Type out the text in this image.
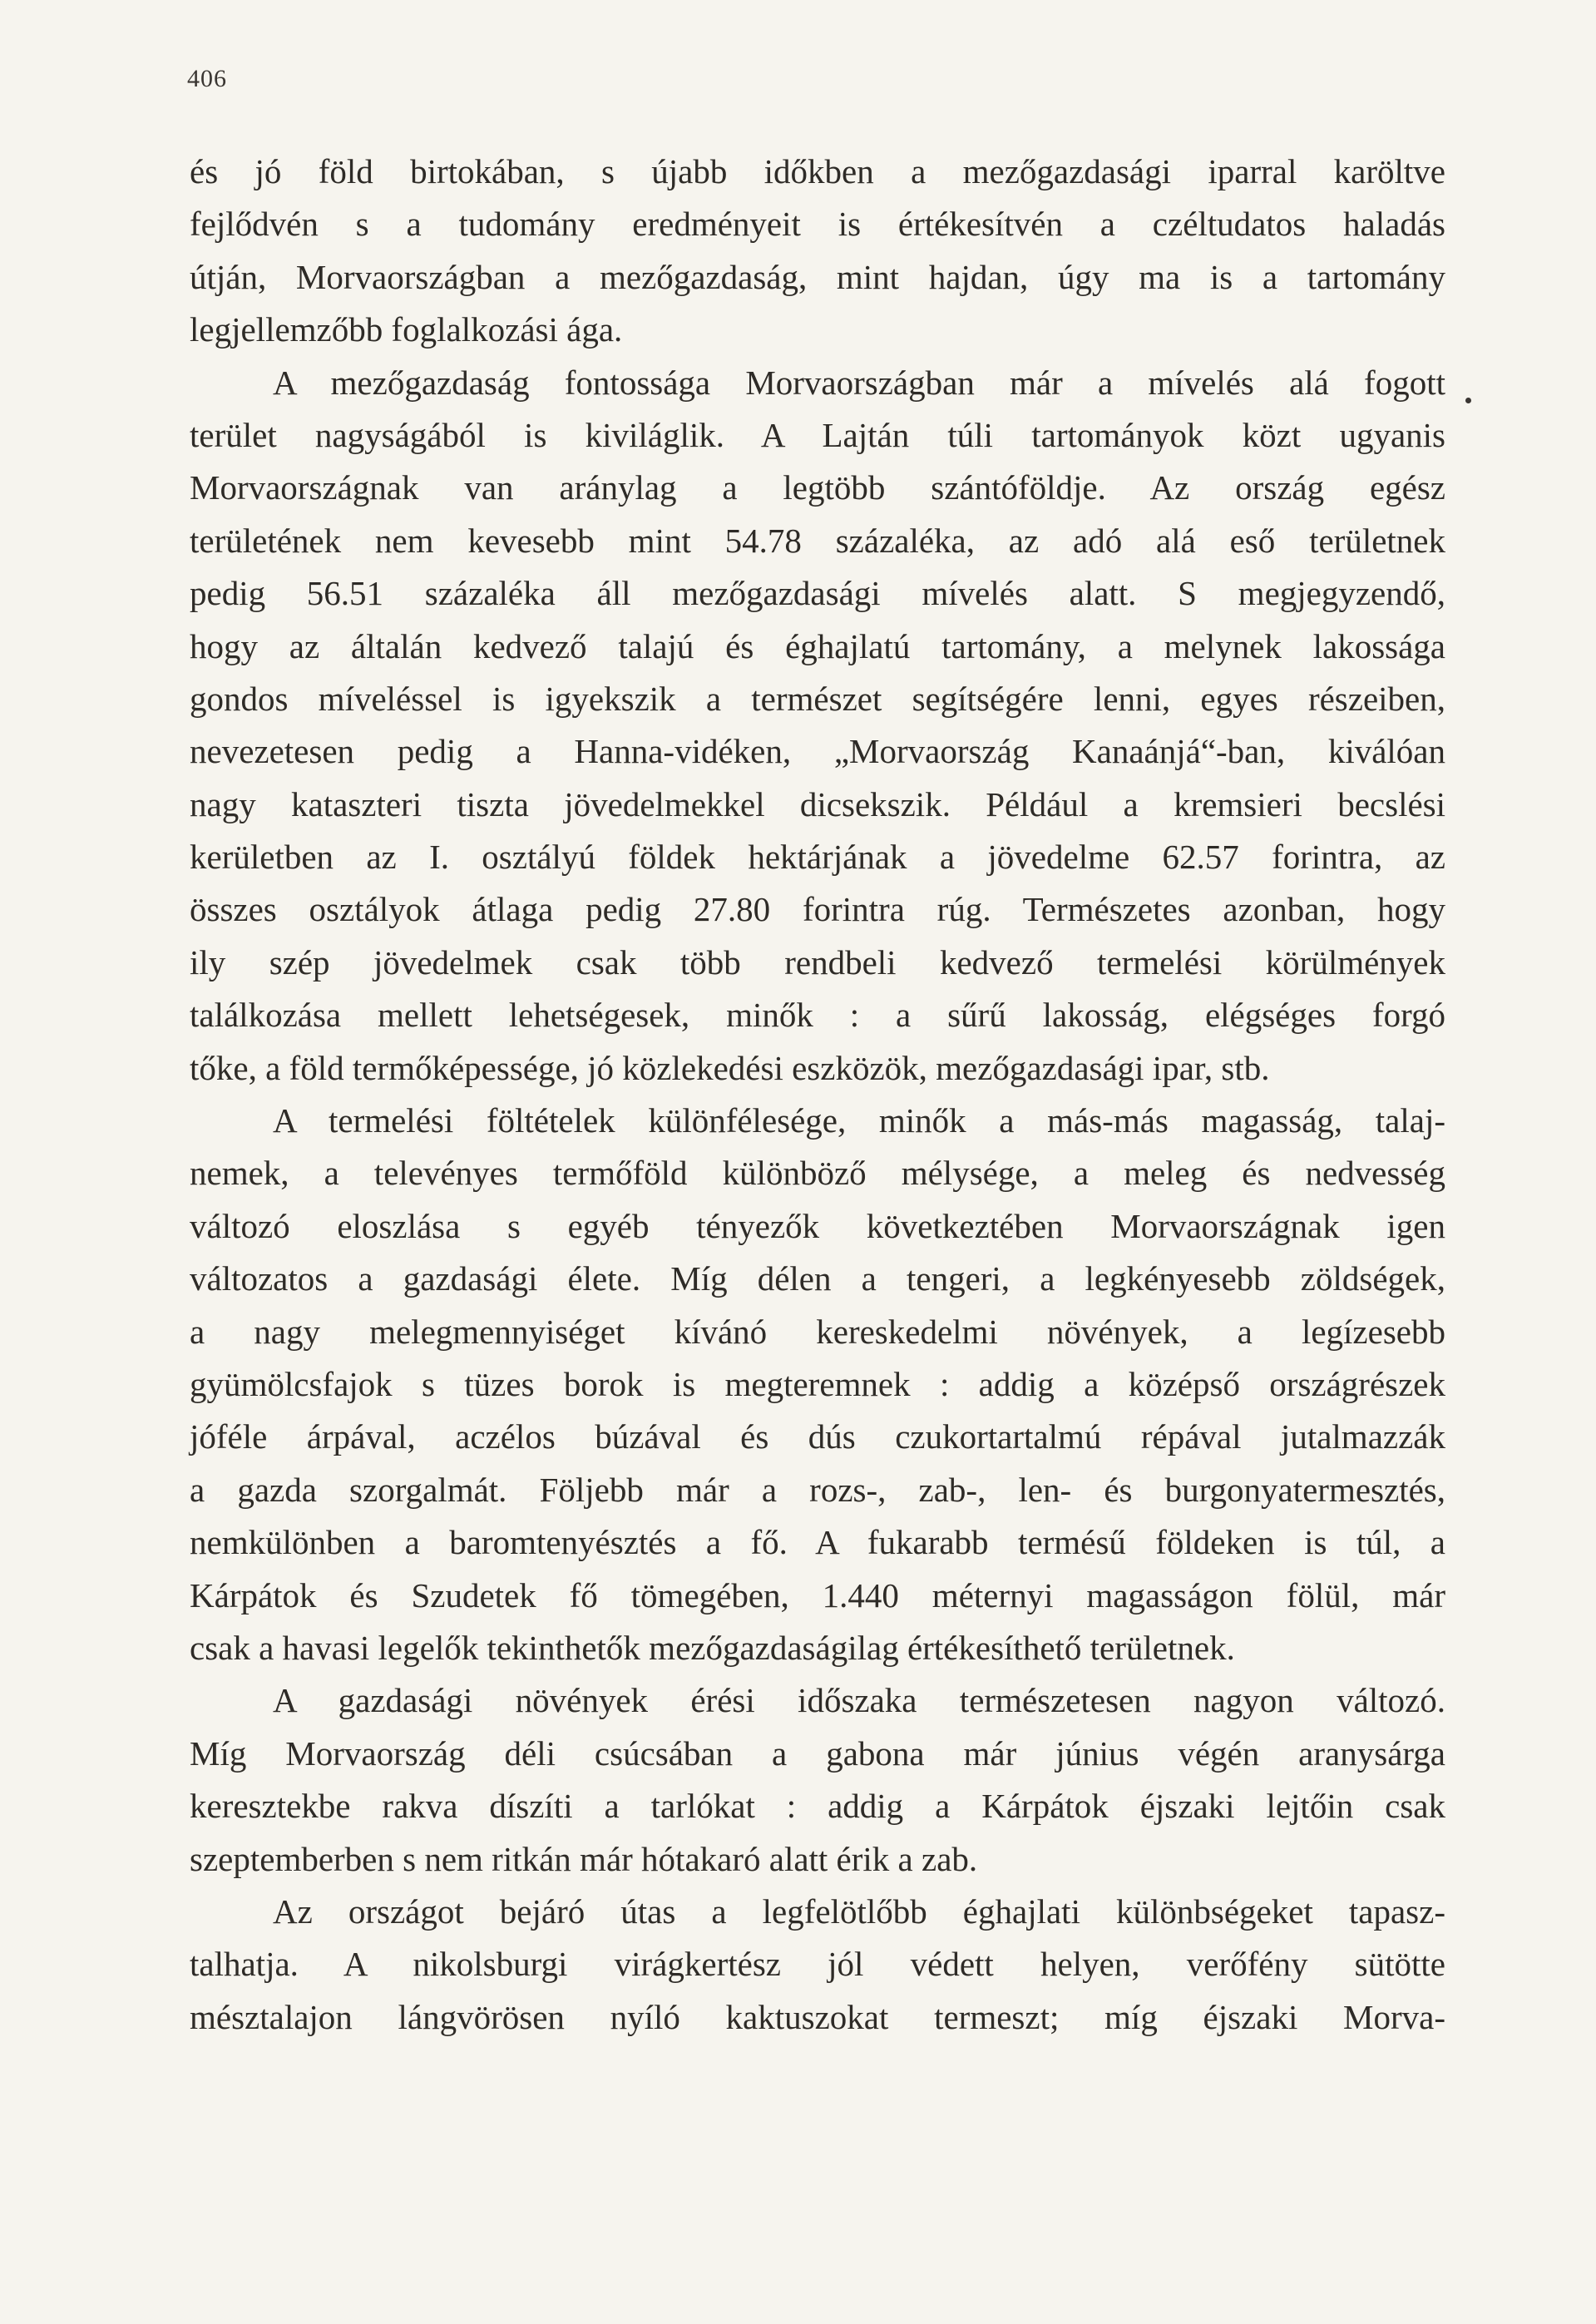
406
és jó föld birtokában, s újabb időkben a mezőgazdasági iparral karöltve
fejlődvén s a tudomány eredményeit is értékesítvén a czéltudatos haladás
útján, Morvaországban a mezőgazdaság, mint hajdan, úgy ma is a tartomány
legjellemzőbb foglalkozási ága.
A mezőgazdaság fontossága Morvaországban már a mívelés alá fogott
terület nagyságából is kiviláglik. A Lajtán túli tartományok közt ugyanis
Morvaországnak van aránylag a legtöbb szántóföldje. Az ország egész
területének nem kevesebb mint 54.78 százaléka, az adó alá eső területnek
pedig 56.51 százaléka áll mezőgazdasági mívelés alatt. S megjegyzendő,
hogy az általán kedvező talajú és éghajlatú tartomány, a melynek lakossága
gondos míveléssel is igyekszik a természet segítségére lenni, egyes részeiben,
nevezetesen pedig a Hanna-vidéken, „Morvaország Kanaánjá“-ban, kiválóan
nagy kataszteri tiszta jövedelmekkel dicsekszik. Például a kremsieri becslési
kerületben az I. osztályú földek hektárjának a jövedelme 62.57 forintra, az
összes osztályok átlaga pedig 27.80 forintra rúg. Természetes azonban, hogy
ily szép jövedelmek csak több rendbeli kedvező termelési körülmények
találkozása mellett lehetségesek, minők : a sűrű lakosság, elégséges forgó
tőke, a föld termőképessége, jó közlekedési eszközök, mezőgazdasági ipar, stb.
A termelési föltételek különfélesége, minők a más-más magasság, talaj-
nemek, a televényes termőföld különböző mélysége, a meleg és nedvesség
változó eloszlása s egyéb tényezők következtében Morvaországnak igen
változatos a gazdasági élete. Míg délen a tengeri, a legkényesebb zöldségek,
a nagy melegmennyiséget kívánó kereskedelmi növények, a legízesebb
gyümölcsfajok s tüzes borok is megteremnek : addig a középső országrészek
jóféle árpával, aczélos búzával és dús czukortartalmú répával jutalmazzák
a gazda szorgalmát. Följebb már a rozs-, zab-, len- és burgonyatermesztés,
nemkülönben a baromtenyésztés a fő. A fukarabb termésű földeken is túl, a
Kárpátok és Szudetek fő tömegében, 1.440 méternyi magasságon fölül, már
csak a havasi legelők tekinthetők mezőgazdaságilag értékesíthető területnek.
A gazdasági növények érési időszaka természetesen nagyon változó.
Míg Morvaország déli csúcsában a gabona már június végén aranysárga
keresztekbe rakva díszíti a tarlókat : addig a Kárpátok éjszaki lejtőin csak
szeptemberben s nem ritkán már hótakaró alatt érik a zab.
Az országot bejáró útas a legfelötlőbb éghajlati különbségeket tapasz-
talhatja. A nikolsburgi virágkertész jól védett helyen, verőfény sütötte
mésztalajon lángvörösen nyíló kaktuszokat termeszt; míg éjszaki Morva-
